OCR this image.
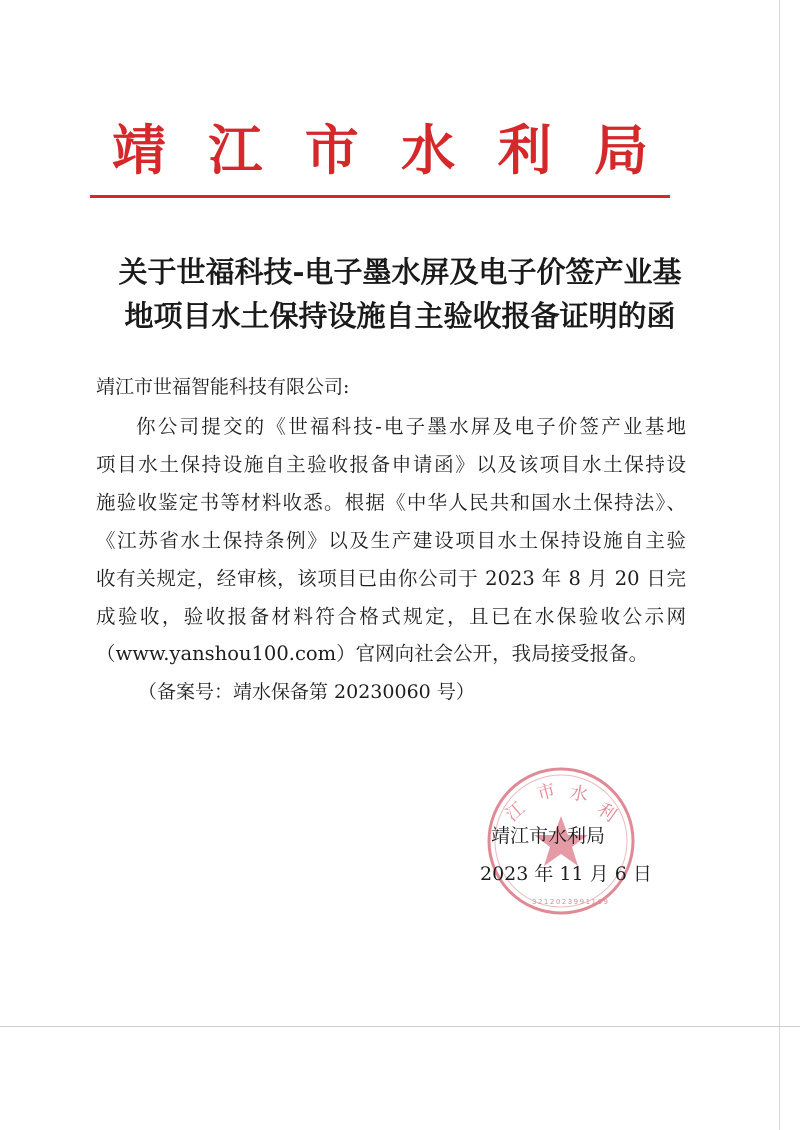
靖 江 市 水 利 局
关于世福科技-电子墨水屏及电子价签产业基
地项目水土保持设施自主验收报备证明的函
靖江市世福智能科技有限公司:
你公司提交的《世福科技-电子墨水屏及电子价签产业基地
项目水土保持设施自主验收报备申请函》以及该项目水土保持设
施验收鉴定书等材料收悉。根据《中华人民共和国水土保持法》、
《江苏省水土保持条例》以及生产建设项目水土保持设施自主验
收有关规定，经审核，该项目已由你公司于 2023 年 8 月 20 日完
成验收，验收报备材料符合格式规定，且已在水保验收公示网
（www.yanshou100.com）官网向社会公开，我局接受报备。
（备案号：靖水保备第 20230060 号）
江
市 水
利
3212023991169
靖江市水利局
2023 年 11 月 6 日
